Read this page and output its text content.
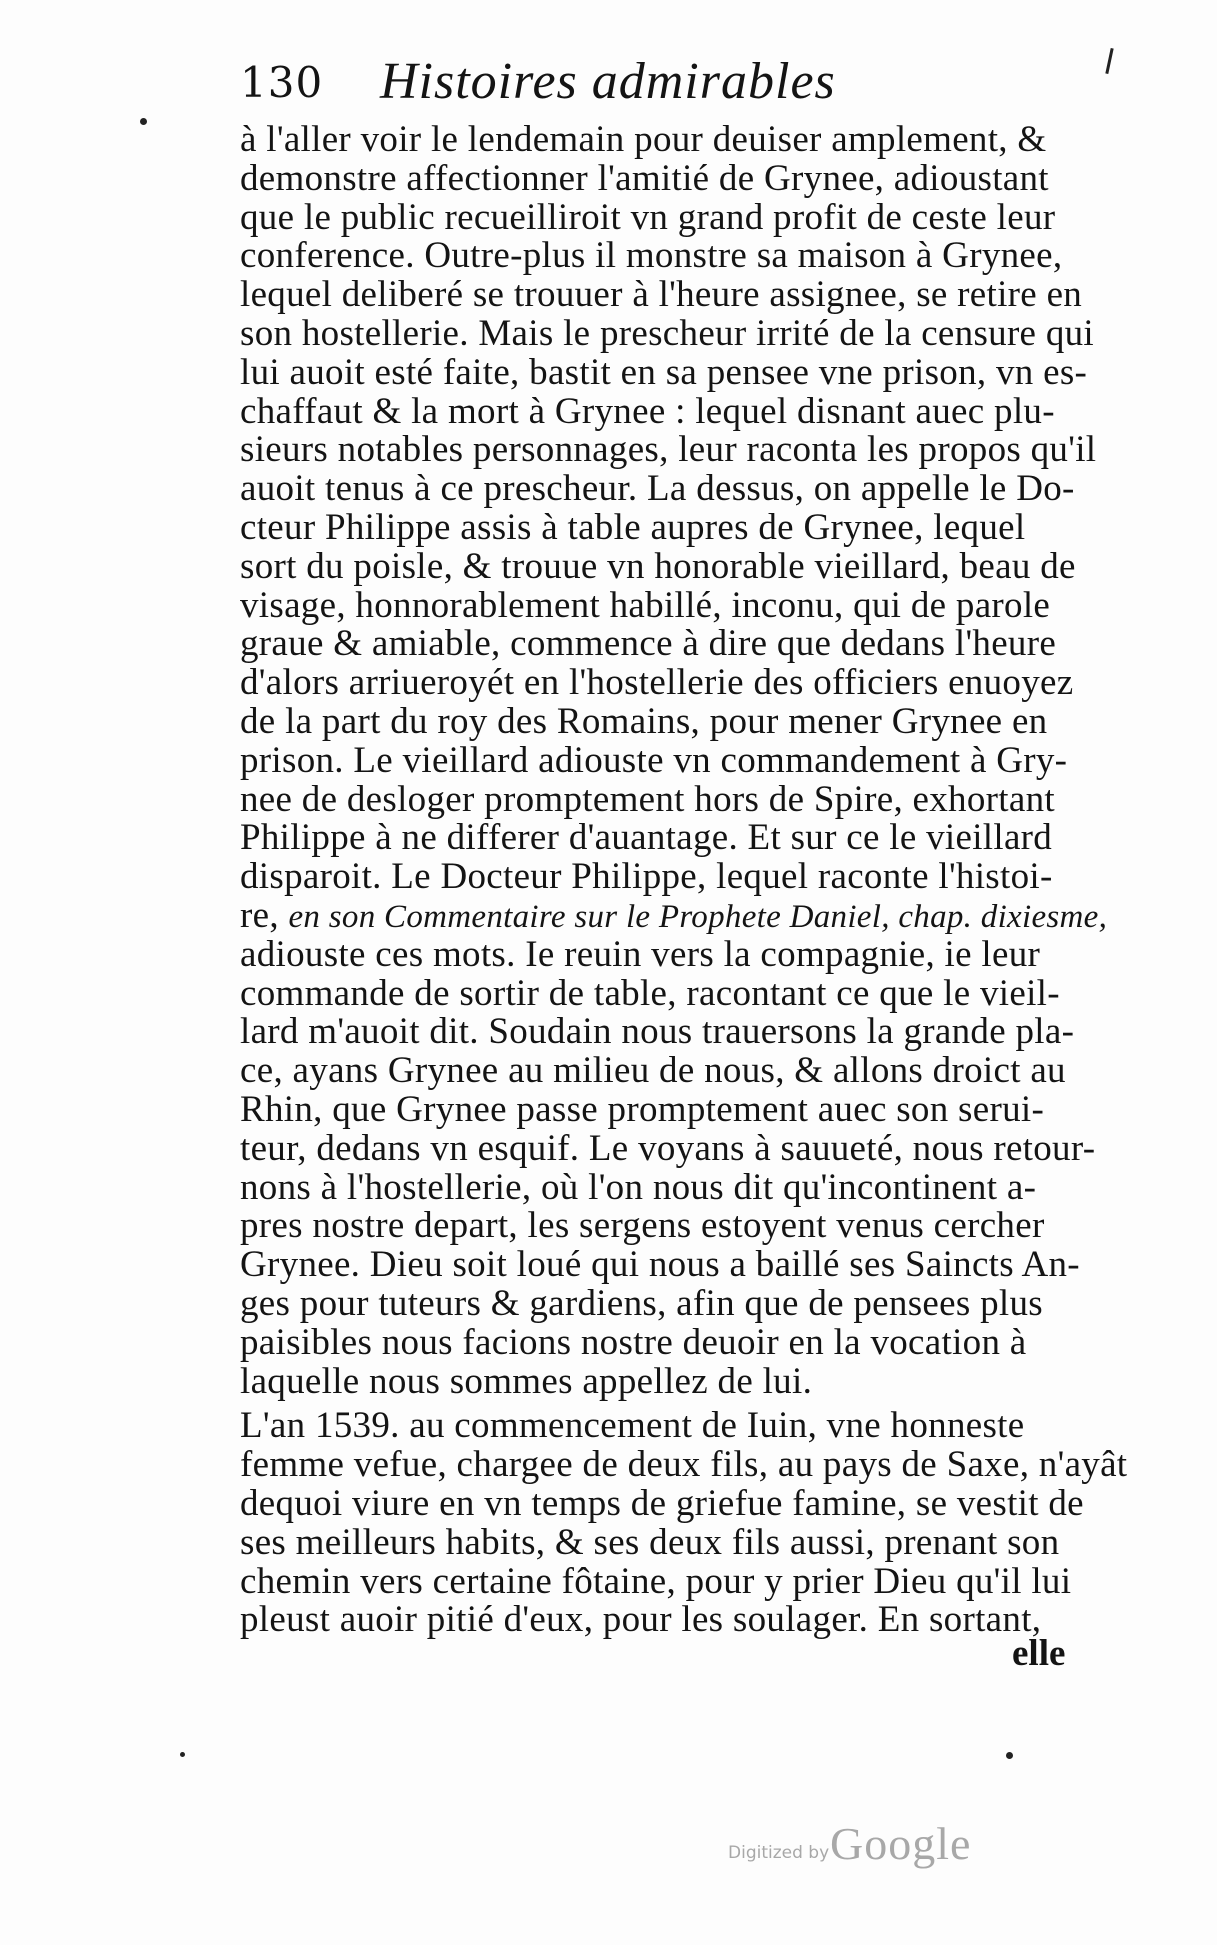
130 Histoires admirables
à l'aller voir le lendemain pour deuiser amplement, &
demonstre affectionner l'amitié de Grynee, adioustant
que le public recueilliroit vn grand profit de ceste leur
conference. Outre-plus il monstre sa maison à Grynee,
lequel deliberé se trouuer à l'heure assignee, se retire en
son hostellerie. Mais le prescheur irrité de la censure qui
lui auoit esté faite, bastit en sa pensee vne prison, vn es-
chaffaut & la mort à Grynee : lequel disnant auec plu-
sieurs notables personnages, leur raconta les propos qu'il
auoit tenus à ce prescheur. La dessus, on appelle le Do-
cteur Philippe assis à table aupres de Grynee, lequel
sort du poisle, & trouue vn honorable vieillard, beau de
visage, honnorablement habillé, inconu, qui de parole
graue & amiable, commence à dire que dedans l'heure
d'alors arriueroyét en l'hostellerie des officiers enuoyez
de la part du roy des Romains, pour mener Grynee en
prison. Le vieillard adiouste vn commandement à Gry-
nee de desloger promptement hors de Spire, exhortant
Philippe à ne differer d'auantage. Et sur ce le vieillard
disparoit. Le Docteur Philippe, lequel raconte l'histoi-
re, en son Commentaire sur le Prophete Daniel, chap. dixiesme,
adiouste ces mots. Ie reuin vers la compagnie, ie leur
commande de sortir de table, racontant ce que le vieil-
lard m'auoit dit. Soudain nous trauersons la grande pla-
ce, ayans Grynee au milieu de nous, & allons droict au
Rhin, que Grynee passe promptement auec son serui-
teur, dedans vn esquif. Le voyans à sauueté, nous retour-
nons à l'hostellerie, où l'on nous dit qu'incontinent a-
pres nostre depart, les sergens estoyent venus cercher
Grynee. Dieu soit loué qui nous a baillé ses Saincts An-
ges pour tuteurs & gardiens, afin que de pensees plus
paisibles nous facions nostre deuoir en la vocation à
laquelle nous sommes appellez de lui.
L'an 1539. au commencement de Iuin, vne honneste
femme vefue, chargee de deux fils, au pays de Saxe, n'ayât
dequoi viure en vn temps de griefue famine, se vestit de
ses meilleurs habits, & ses deux fils aussi, prenant son
chemin vers certaine fôtaine, pour y prier Dieu qu'il lui
pleust auoir pitié d'eux, pour les soulager. En sortant,
elle
Digitized by Google
